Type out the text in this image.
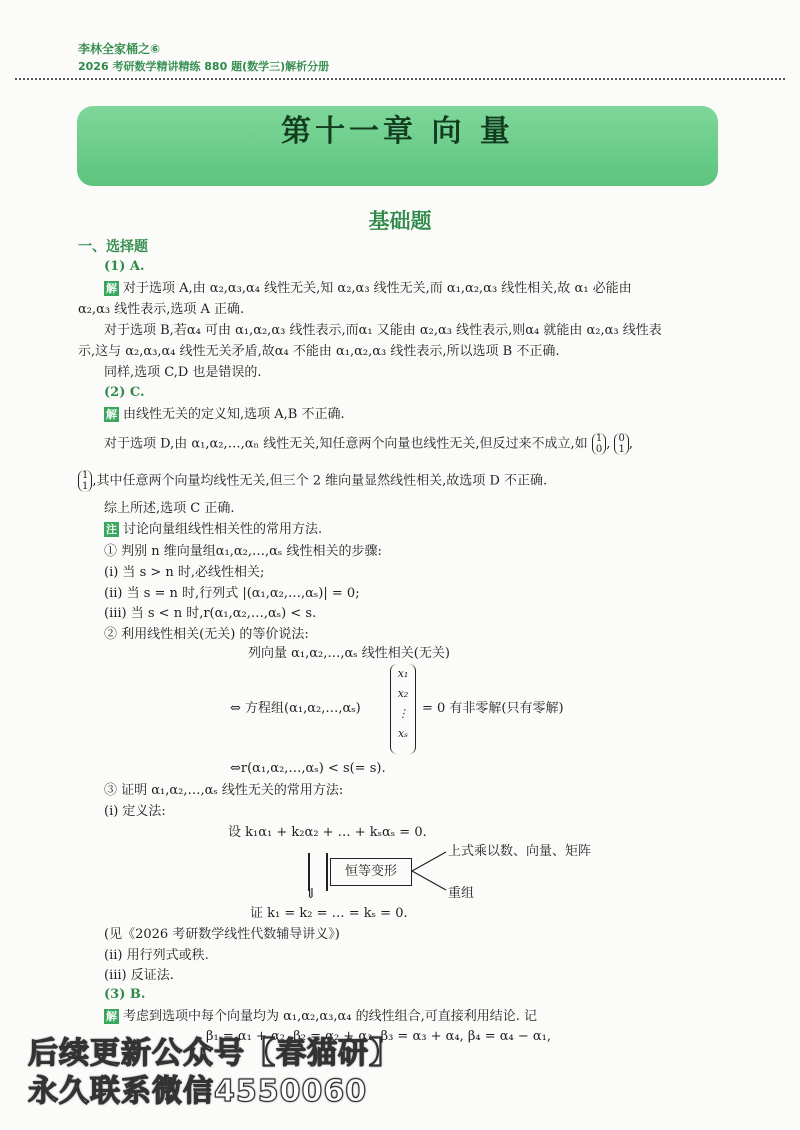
李林全家桶之⑥
2026 考研数学精讲精练 880 题(数学三)解析分册
第十一章 向 量
基础题
一、选择题
(1) A.
解 对于选项 A,由 α₂,α₃,α₄ 线性无关,知 α₂,α₃ 线性无关,而 α₁,α₂,α₃ 线性相关,故 α₁ 必能由
α₂,α₃ 线性表示,选项 A 正确.
对于选项 B,若α₄ 可由 α₁,α₂,α₃ 线性表示,而α₁ 又能由 α₂,α₃ 线性表示,则α₄ 就能由 α₂,α₃ 线性表
示,这与 α₂,α₃,α₄ 线性无关矛盾,故α₄ 不能由 α₁,α₂,α₃ 线性表示,所以选项 B 不正确.
同样,选项 C,D 也是错误的.
(2) C.
解 由线性无关的定义知,选项 A,B 不正确.
对于选项 D,由 α₁,α₂,…,αₙ 线性无关,知任意两个向量也线性无关,但反过来不成立,如 1
0 , 0
1 ,
1
1 ,其中任意两个向量均线性无关,但三个 2 维向量显然线性相关,故选项 D 不正确.
综上所述,选项 C 正确.
注 讨论向量组线性相关性的常用方法.
① 判别 n 维向量组α₁,α₂,…,αₛ 线性相关的步骤:
(ⅰ) 当 s > n 时,必线性相关;
(ⅱ) 当 s = n 时,行列式 |(α₁,α₂,…,αₛ)| = 0;
(ⅲ) 当 s < n 时,r(α₁,α₂,…,αₛ) < s.
② 利用线性相关(无关) 的等价说法:
列向量 α₁,α₂,…,αₛ 线性相关(无关)
⇔ 方程组(α₁,α₂,…,αₛ)
x₁
x₂
⋮
xₛ
= 0 有非零解(只有零解)
⇔r(α₁,α₂,…,αₛ) < s(= s).
③ 证明 α₁,α₂,…,αₛ 线性无关的常用方法:
(ⅰ) 定义法:
设 k₁α₁ + k₂α₂ + … + kₛαₛ = 0.
⇓
恒等变形
上式乘以数、向量、矩阵
重组
证 k₁ = k₂ = … = kₛ = 0.
(见《2026 考研数学线性代数辅导讲义》)
(ⅱ) 用行列式或秩.
(ⅲ) 反证法.
(3) B.
解 考虑到选项中每个向量均为 α₁,α₂,α₃,α₄ 的线性组合,可直接利用结论. 记
β₁ = α₁ + α₂, β₂ = α₂ + α₃, β₃ = α₃ + α₄, β₄ = α₄ − α₁,
后续更新公众号【春猫研】
永久联系微信4550060
